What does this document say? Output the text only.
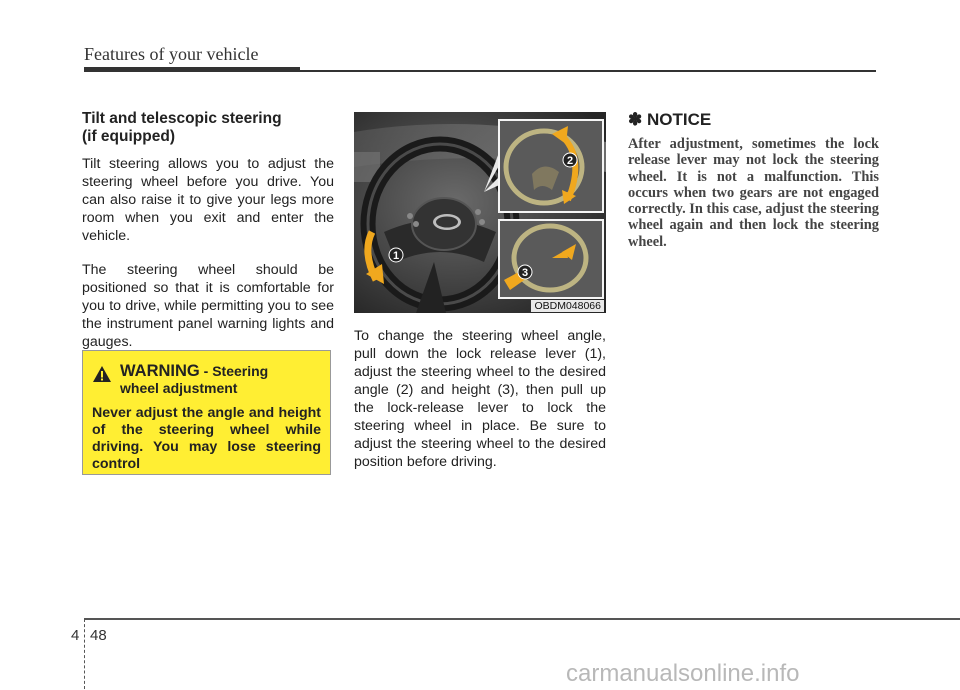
Features of your vehicle
Tilt and telescopic steering
(if equipped)

Tilt steering allows you to adjust the steering wheel before you drive. You can also raise it to give your legs more room when you exit and enter the vehicle.

The steering wheel should be positioned so that it is comfortable for you to drive, while permitting you to see the instrument panel warning lights and gauges.

WARNING - Steering
wheel adjustment
Never adjust the angle and height of the steering wheel while driving. You may lose steering control
1
2
3
OBDM048066
To change the steering wheel angle, pull down the lock release lever (1), adjust the steering wheel to the desired angle (2) and height (3), then pull up the lock-release lever to lock the steering wheel in place. Be sure to adjust the steering wheel to the desired position before driving.
✽ NOTICE
After adjustment, sometimes the lock release lever may not lock the steering wheel. It is not a malfunction. This occurs when two gears are not engaged correctly. In this case, adjust the steering wheel again and then lock the steering wheel.
4 48
carmanualsonline.info
